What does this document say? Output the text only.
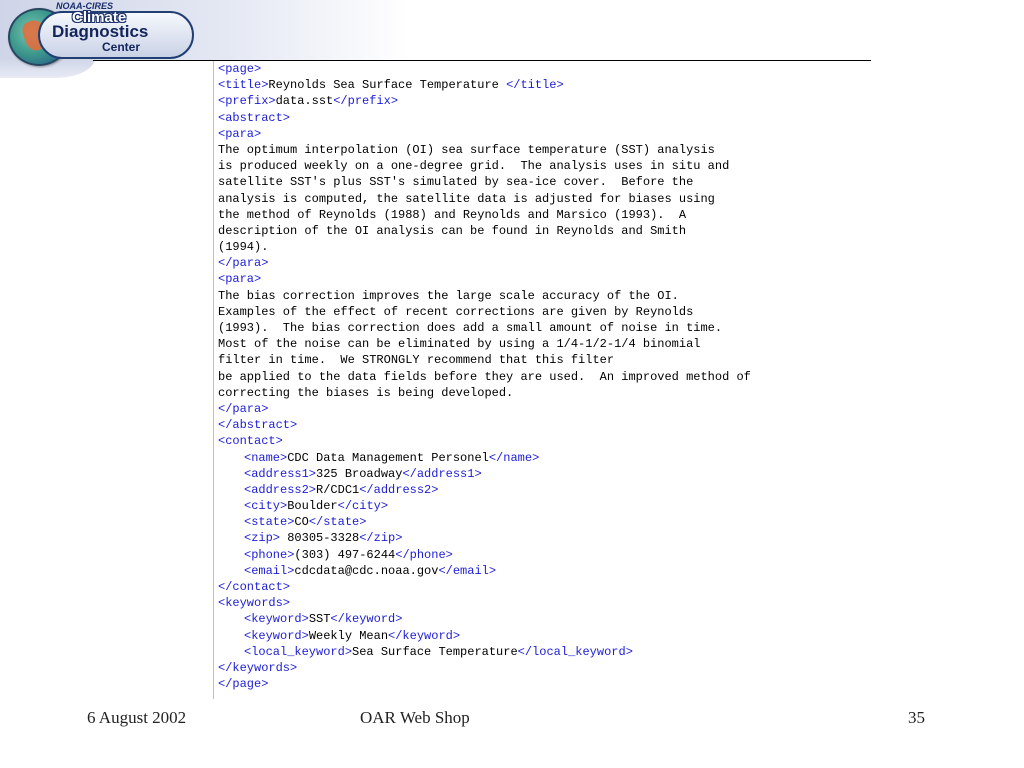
NOAA-CIRES
Climate
Diagnostics
Center
<page>
<title>Reynolds Sea Surface Temperature </title>
<prefix>data.sst</prefix>
<abstract>
<para>
The optimum interpolation (OI) sea surface temperature (SST) analysis
is produced weekly on a one-degree grid.  The analysis uses in situ and
satellite SST's plus SST's simulated by sea-ice cover.  Before the
analysis is computed, the satellite data is adjusted for biases using
the method of Reynolds (1988) and Reynolds and Marsico (1993).  A
description of the OI analysis can be found in Reynolds and Smith
(1994).
</para>
<para>
The bias correction improves the large scale accuracy of the OI.
Examples of the effect of recent corrections are given by Reynolds
(1993).  The bias correction does add a small amount of noise in time.
Most of the noise can be eliminated by using a 1/4-1/2-1/4 binomial
filter in time.  We STRONGLY recommend that this filter
be applied to the data fields before they are used.  An improved method of
correcting the biases is being developed.
</para>
</abstract>
<contact>
<name>CDC Data Management Personel</name>
<address1>325 Broadway</address1>
<address2>R/CDC1</address2>
<city>Boulder</city>
<state>CO</state>
<zip> 80305-3328</zip>
<phone>(303) 497-6244</phone>
<email>cdcdata@cdc.noaa.gov</email>
</contact>
<keywords>
<keyword>SST</keyword>
<keyword>Weekly Mean</keyword>
<local_keyword>Sea Surface Temperature</local_keyword>
</keywords>
</page>
6 August 2002	OAR Web Shop	35
